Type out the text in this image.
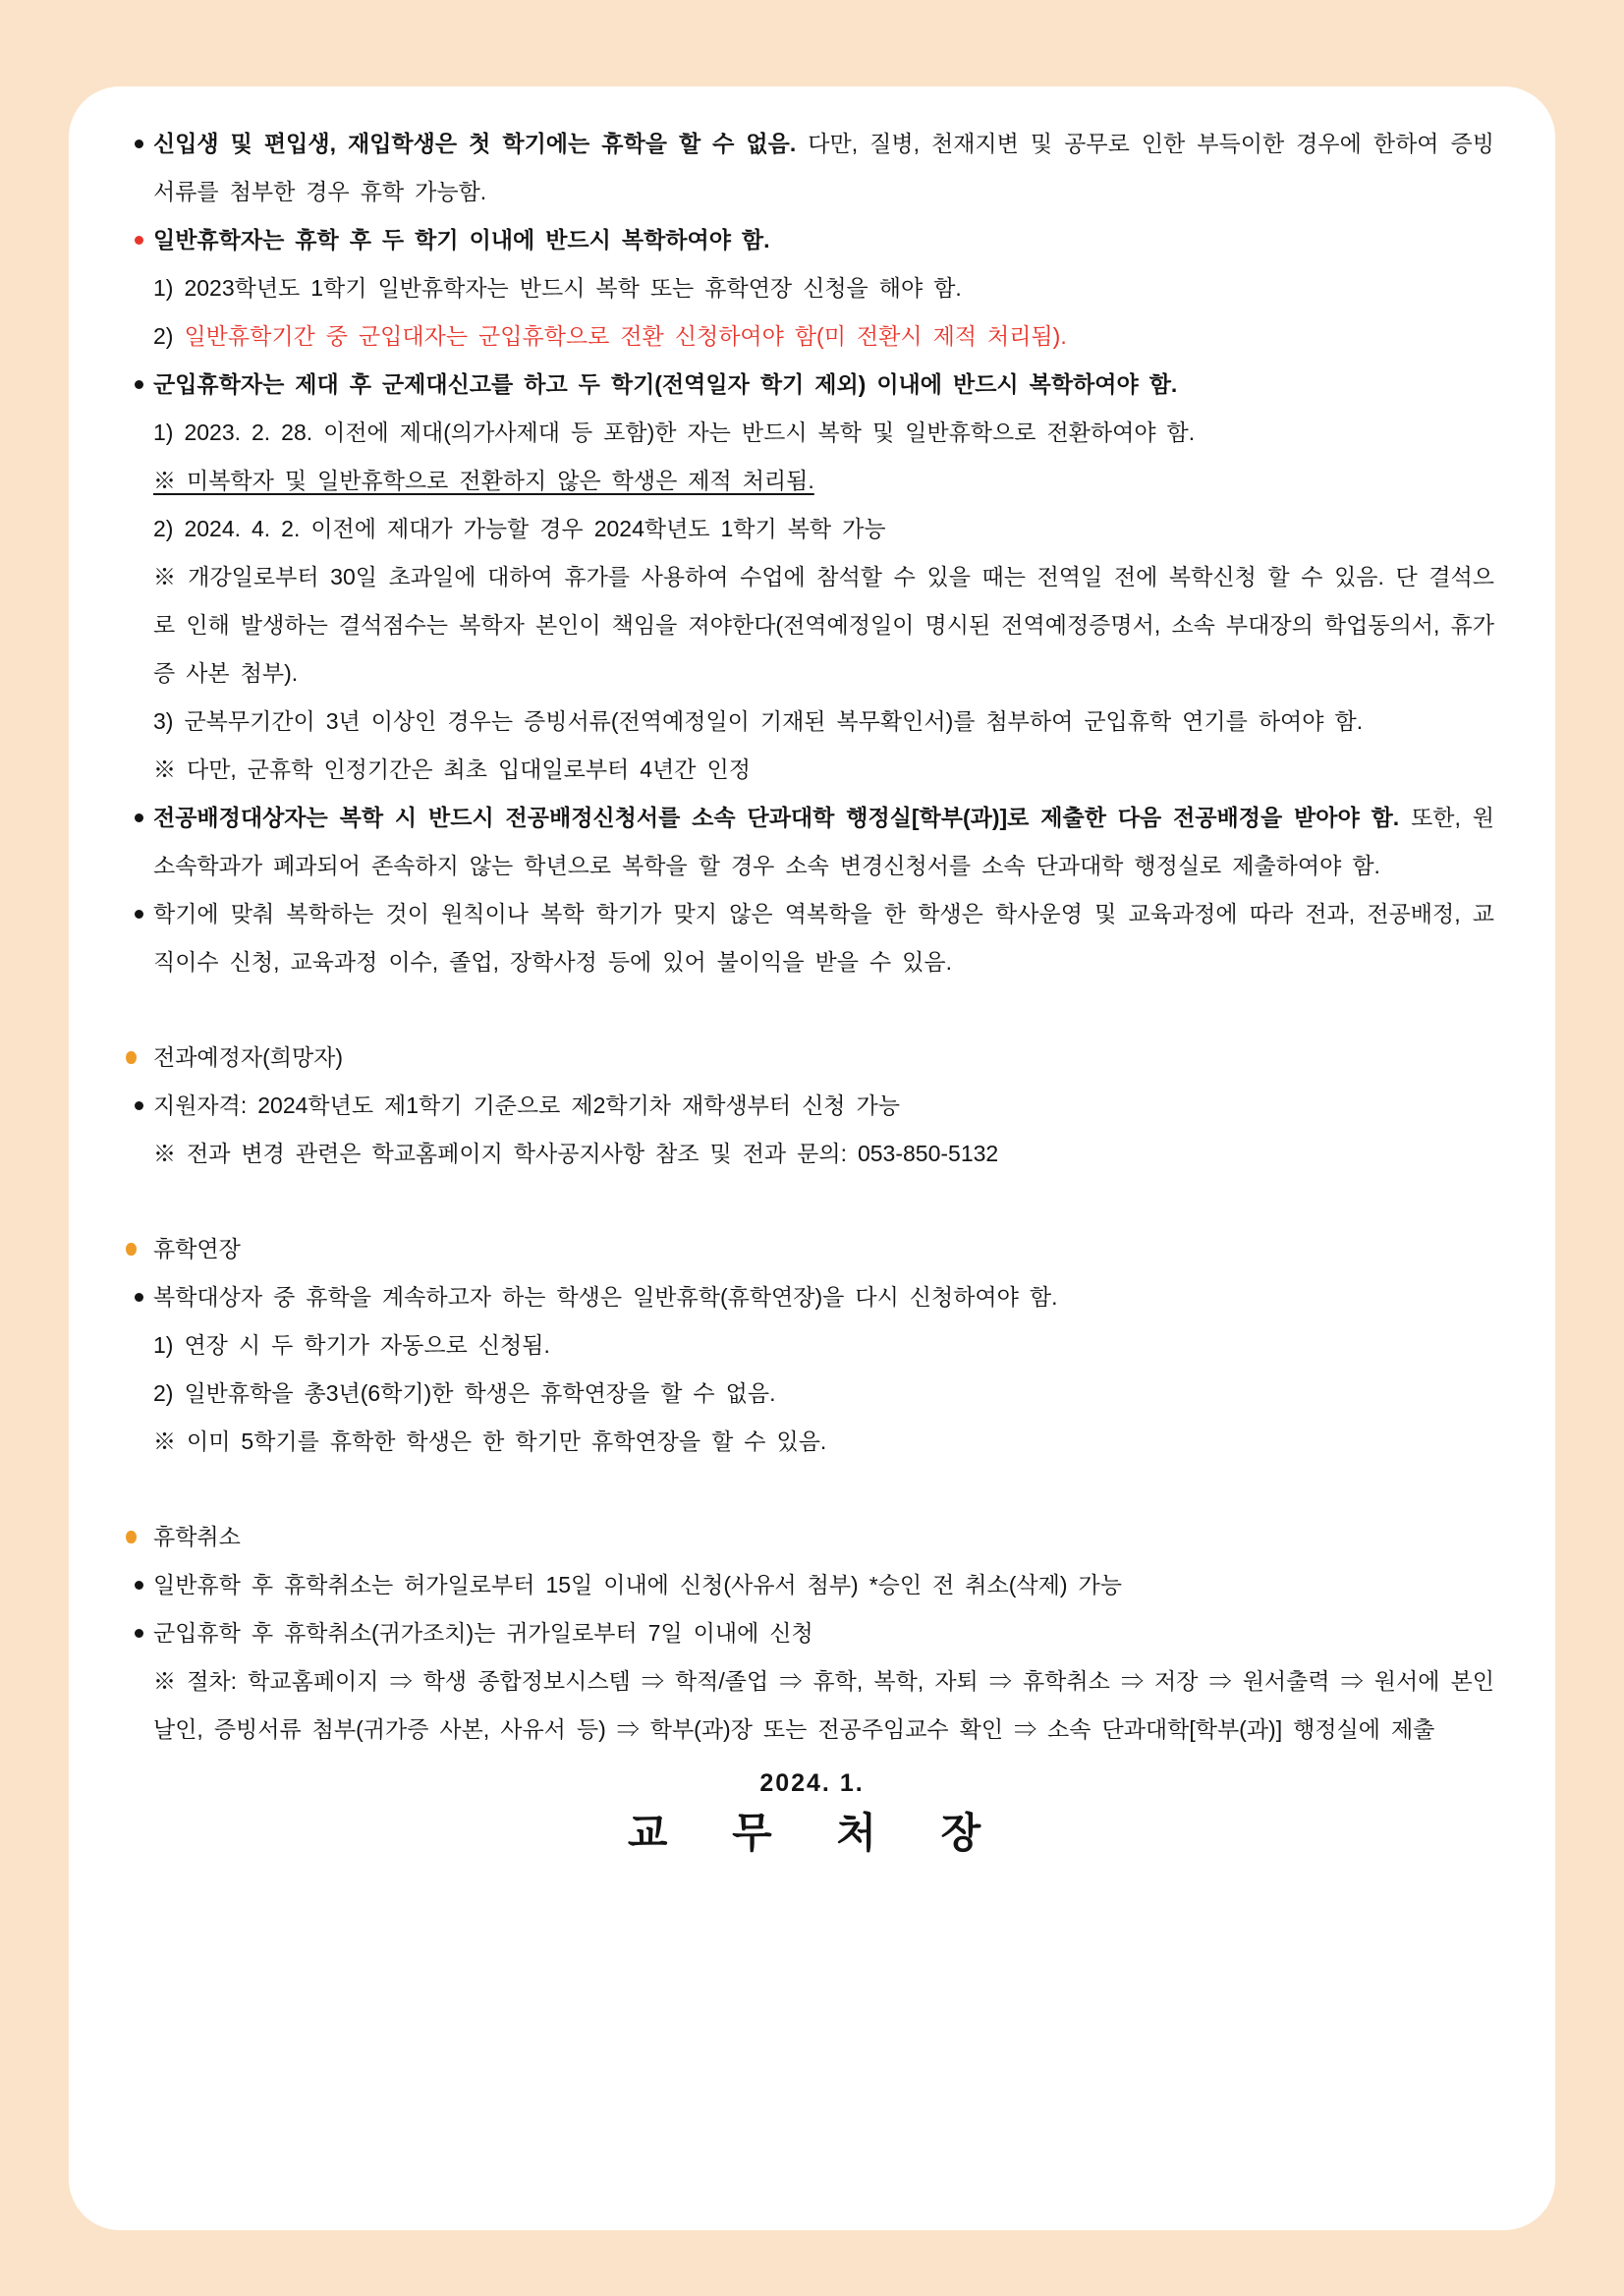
신입생 및 편입생, 재입학생은 첫 학기에는 휴학을 할 수 없음. 다만, 질병, 천재지변 및 공무로 인한 부득이한 경우에 한하여 증빙서류를 첨부한 경우 휴학 가능함.
일반휴학자는 휴학 후 두 학기 이내에 반드시 복학하여야 함.
1) 2023학년도 1학기 일반휴학자는 반드시 복학 또는 휴학연장 신청을 해야 함.
2) 일반휴학기간 중 군입대자는 군입휴학으로 전환 신청하여야 함(미 전환시 제적 처리됨).
군입휴학자는 제대 후 군제대신고를 하고 두 학기(전역일자 학기 제외) 이내에 반드시 복학하여야 함.
1) 2023. 2. 28. 이전에 제대(의가사제대 등 포함)한 자는 반드시 복학 및 일반휴학으로 전환하여야 함.
※ 미복학자 및 일반휴학으로 전환하지 않은 학생은 제적 처리됨.
2) 2024. 4. 2. 이전에 제대가 가능할 경우 2024학년도 1학기 복학 가능
※ 개강일로부터 30일 초과일에 대하여 휴가를 사용하여 수업에 참석할 수 있을 때는 전역일 전에 복학신청 할 수 있음. 단 결석으로 인해 발생하는 결석점수는 복학자 본인이 책임을 져야한다(전역예정일이 명시된 전역예정증명서, 소속 부대장의 학업동의서, 휴가증 사본 첨부).
3) 군복무기간이 3년 이상인 경우는 증빙서류(전역예정일이 기재된 복무확인서)를 첨부하여 군입휴학 연기를 하여야 함.
※ 다만, 군휴학 인정기간은 최초 입대일로부터 4년간 인정
전공배정대상자는 복학 시 반드시 전공배정신청서를 소속 단과대학 행정실[학부(과)]로 제출한 다음 전공배정을 받아야 함. 또한, 원 소속학과가 폐과되어 존속하지 않는 학년으로 복학을 할 경우 소속 변경신청서를 소속 단과대학 행정실로 제출하여야 함.
학기에 맞춰 복학하는 것이 원칙이나 복학 학기가 맞지 않은 역복학을 한 학생은 학사운영 및 교육과정에 따라 전과, 전공배정, 교직이수 신청, 교육과정 이수, 졸업, 장학사정 등에 있어 불이익을 받을 수 있음.
전과예정자(희망자)
지원자격: 2024학년도 제1학기 기준으로 제2학기차 재학생부터 신청 가능
※ 전과 변경 관련은 학교홈페이지 학사공지사항 참조 및 전과 문의: 053-850-5132
휴학연장
복학대상자 중 휴학을 계속하고자 하는 학생은 일반휴학(휴학연장)을 다시 신청하여야 함.
1) 연장 시 두 학기가 자동으로 신청됨.
2) 일반휴학을 총3년(6학기)한 학생은 휴학연장을 할 수 없음.
※ 이미 5학기를 휴학한 학생은 한 학기만 휴학연장을 할 수 있음.
휴학취소
일반휴학 후 휴학취소는 허가일로부터 15일 이내에 신청(사유서 첨부) *승인 전 취소(삭제) 가능
군입휴학 후 휴학취소(귀가조치)는 귀가일로부터 7일 이내에 신청
※ 절차: 학교홈페이지 ⇒ 학생 종합정보시스템 ⇒ 학적/졸업 ⇒ 휴학, 복학, 자퇴 ⇒ 휴학취소 ⇒ 저장 ⇒ 원서출력 ⇒ 원서에 본인 날인, 증빙서류 첨부(귀가증 사본, 사유서 등) ⇒ 학부(과)장 또는 전공주임교수 확인 ⇒ 소속 단과대학[학부(과)] 행정실에 제출
2024. 1.
교 무 처 장
